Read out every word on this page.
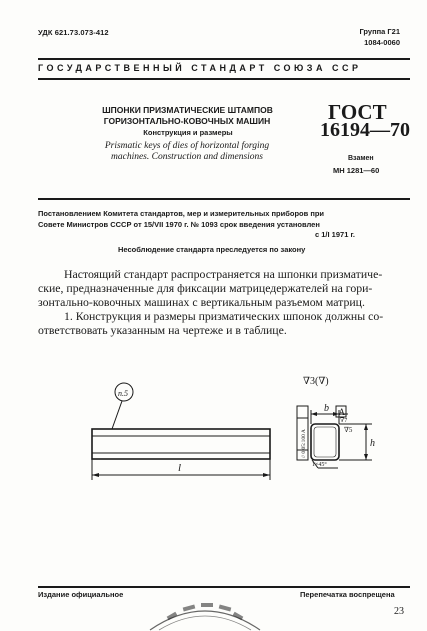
УДК 621.73.073-412	Группа Г21
1084-0060
ГОСУДАРСТВЕННЫЙ СТАНДАРТ СОЮЗА ССР
ШПОНКИ ПРИЗМАТИЧЕСКИЕ ШТАМПОВ
ГОРИЗОНТАЛЬНО-КОВОЧНЫХ МАШИН
Конструкция и размеры
Prismatic keys of dies of horizontal forging
machines. Construction and dimensions
ГОСТ
16194—70
Взамен
МН 1281—60
Постановлением Комитета стандартов, мер и измерительных приборов при
Совете Министров СССР от 15/VII 1970 г. № 1093 срок введения установлен
с 1/I 1971 г.
Несоблюдение стандарта преследуется по закону
Настоящий стандарт распространяется на шпонки призматиче-
ские, предназначенные для фиксации матрицедержателей на гори-
зонтально-ковочных машинах с вертикальным разъемом матриц.
1. Конструкция и размеры призматических шпонок должны со-
ответствовать указанным на чертеже и в таблице.
п.5
l
∇3(∇)
b A
h
∇5
∇7
1×45°
// 0,05:100 A
Издание официальное	Перепечатка воспрещена
23
